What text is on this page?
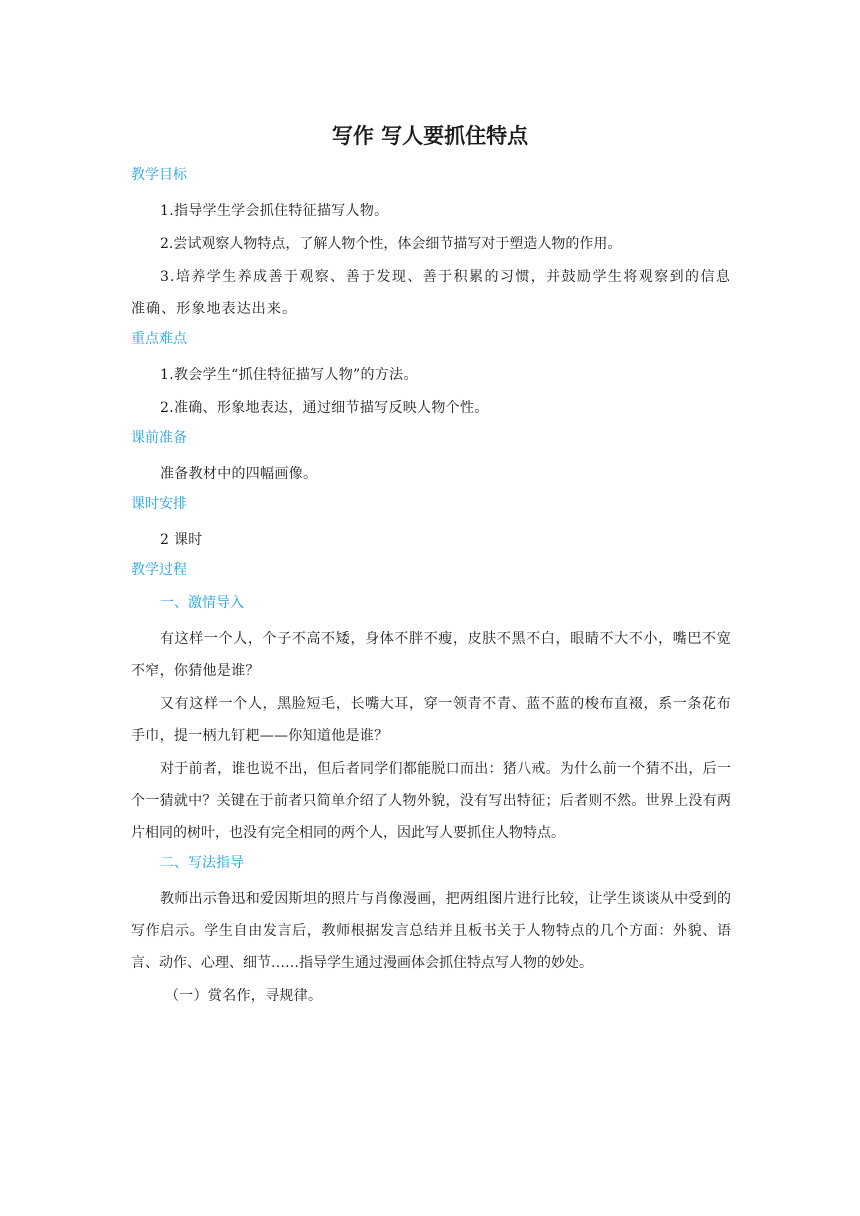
写作 写人要抓住特点
教学目标

1.指导学生学会抓住特征描写人物。

2.尝试观察人物特点，了解人物个性，体会细节描写对于塑造人物的作用。

3.培养学生养成善于观察、善于发现、善于积累的习惯，并鼓励学生将观察到的信息准确、形象地表达出来。

重点难点

1.教会学生“抓住特征描写人物”的方法。

2.准确、形象地表达，通过细节描写反映人物个性。

课前准备

准备教材中的四幅画像。

课时安排

2 课时

教学过程
一、激情导入

有这样一个人，个子不高不矮，身体不胖不瘦，皮肤不黑不白，眼睛不大不小，嘴巴不宽不窄，你猜他是谁？

又有这样一个人，黑脸短毛，长嘴大耳，穿一领青不青、蓝不蓝的梭布直裰，系一条花布手巾，提一柄九钉耙——你知道他是谁？

对于前者，谁也说不出，但后者同学们都能脱口而出：猪八戒。为什么前一个猜不出，后一个一猜就中？关键在于前者只简单介绍了人物外貌，没有写出特征；后者则不然。世界上没有两片相同的树叶，也没有完全相同的两个人，因此写人要抓住人物特点。

二、写法指导

教师出示鲁迅和爱因斯坦的照片与肖像漫画，把两组图片进行比较，让学生谈谈从中受到的写作启示。学生自由发言后，教师根据发言总结并且板书关于人物特点的几个方面：外貌、语言、动作、心理、细节……指导学生通过漫画体会抓住特点写人物的妙处。

（一）赏名作，寻规律。
